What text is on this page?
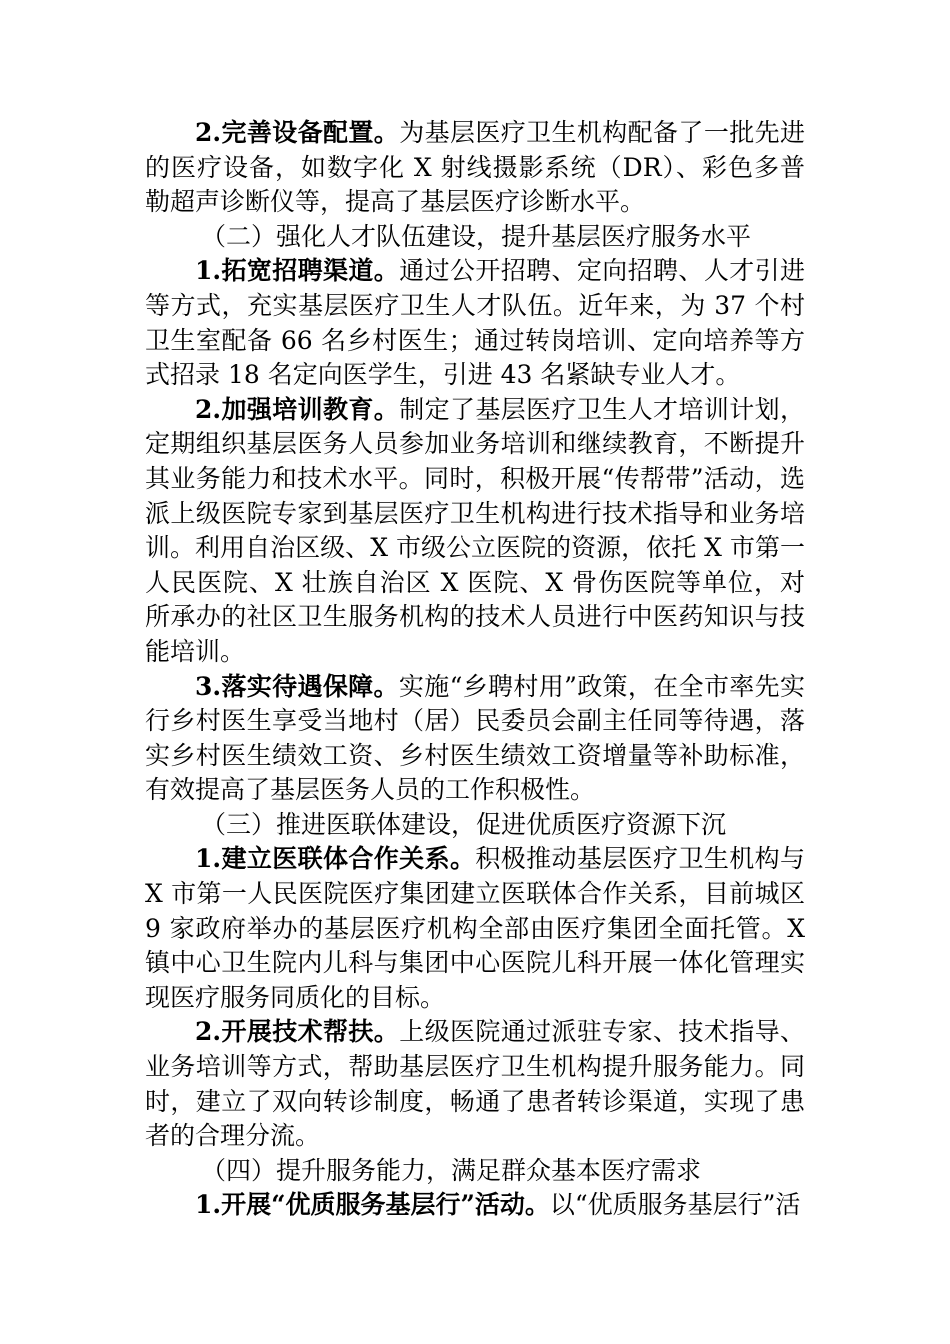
2.完善设备配置。为基层医疗卫生机构配备了一批先进的医疗设备，如数字化 X 射线摄影系统（DR）、彩色多普勒超声诊断仪等，提高了基层医疗诊断水平。

（二）强化人才队伍建设，提升基层医疗服务水平

1.拓宽招聘渠道。通过公开招聘、定向招聘、人才引进等方式，充实基层医疗卫生人才队伍。近年来，为 37 个村卫生室配备 66 名乡村医生；通过转岗培训、定向培养等方式招录 18 名定向医学生，引进 43 名紧缺专业人才。

2.加强培训教育。制定了基层医疗卫生人才培训计划，定期组织基层医务人员参加业务培训和继续教育，不断提升其业务能力和技术水平。同时，积极开展“传帮带”活动，选派上级医院专家到基层医疗卫生机构进行技术指导和业务培训。利用自治区级、X 市级公立医院的资源，依托 X 市第一人民医院、X 壮族自治区 X 医院、X 骨伤医院等单位，对所承办的社区卫生服务机构的技术人员进行中医药知识与技能培训。

3.落实待遇保障。实施“乡聘村用”政策，在全市率先实行乡村医生享受当地村（居）民委员会副主任同等待遇，落实乡村医生绩效工资、乡村医生绩效工资增量等补助标准，有效提高了基层医务人员的工作积极性。

（三）推进医联体建设，促进优质医疗资源下沉

1.建立医联体合作关系。积极推动基层医疗卫生机构与 X 市第一人民医院医疗集团建立医联体合作关系，目前城区 9 家政府举办的基层医疗机构全部由医疗集团全面托管。X 镇中心卫生院内儿科与集团中心医院儿科开展一体化管理实现医疗服务同质化的目标。

2.开展技术帮扶。上级医院通过派驻专家、技术指导、业务培训等方式，帮助基层医疗卫生机构提升服务能力。同时，建立了双向转诊制度，畅通了患者转诊渠道，实现了患者的合理分流。

（四）提升服务能力，满足群众基本医疗需求

1.开展“优质服务基层行”活动。以“优质服务基层行”活
